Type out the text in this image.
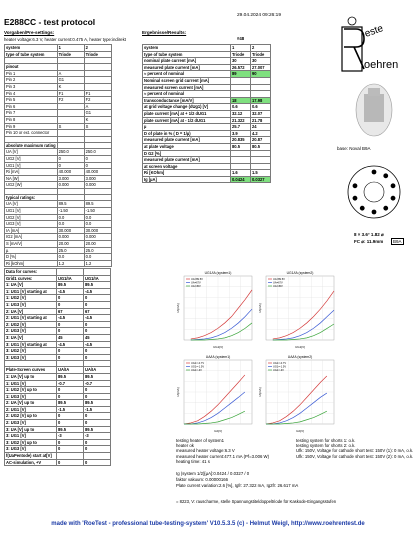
E288CC - test protocol
29.04.2024 09:26:19
Vorgaben/Pre-settings:	Ergebnisse/Results:
heater voltage:6.3 V, heater current:0.475 A, heater type:indirekt	#48
system	1	2
type of tube system	Triode	Triode

pinout		
Pin 1	A	
Pin 2	G1	
Pin 3	K	
Pin 4	F1	F1
Pin 5	F2	F2
Pin 6		A
Pin 7		G1
Pin 8		K
Pin 9	S	S
Pin 10 or ext. connector		

absolute maximum rating		
UA [V]	250.0	250.0
UG2 [V]	0	0
UG1 [V]	0	0
Ri [mA]	40.000	40.000
NA [W]	3.000	3.000
UG2 [W]	0.000	0.000

typical ratings:		
UA [V]	89.5	89.5
UG1 [V]	-1.50	-1.50
UG2 [V]	0.0	0.0
UG3 [V]	0.0	0.0
IA [mA]	30.000	30.000
IG2 [mA]	0.000	0.000
S [mA/V]	20.00	20.00
µ	25.0	25.0
D [%]	0.0	0.0
Ri [kOhm]	1.2	1.2
Data for curves:		
Grid1 curves:	UG1/IA	UG1/IA
1: UA [V]	89.5	89.5
1: UG1 [V] starting at	-4.5	-4.5
1: UG2 [V]	0	0
1: UG3 [V]	0	0
2: UA [V]	67	67
2: UG1 [V] starting at	-4.5	-4.5
2: UG2 [V]	0	0
2: UG3 [V]	0	0
3: UA [V]	45	45
3: UG1 [V] starting at	-4.5	-4.5
3: UG2 [V]	0	0
3: UG3 [V]	0	0

Plate-Screen curves	UA/IA	UA/IA
1: UA [V] up to	89.5	89.5
1: UG1 [V]	-0.7	-0.7
1: UG2 [V] up to	0	0
1: UG3 [V]	0	0
2: UA [V] up to	89.5	89.5
2: UG1 [V]	-1.5	-1.5
2: UG2 [V] up to	0	0
2: UG3 [V]	0	0
3: UA [V] up to	89.5	89.5
3: UG1 [V]	-3	-3
3: UG2 [V] up to	0	0
3: UG3 [V]	0	0
f(UaPentode) start at[V]		
AC-simulation, +V	0	0
system	1	2
type of tube system	Triode	Triode
nominal plate current [mA]	30	30
measured plate current [mA]	26.572	27.007
≈ percent of nominal	89	90
Nominal screen grid current [mA]		
measured screen current [mA]		
≈ percent of nominal		
transconductance [mA/V]	18	17.98
at grid voltage change (dUg1) [V]	0.6	0.6
plate current [mA] at + 1/2 dUG1	32.12	32.07
plate current [mA] at - 1/2 dUG1	21.322	21.78
µ	25.7	24
D of plate in % ( D = 1/µ)	3.9	4.2
measured plate current [mA]	20.835	20.87
at plate voltage	80.5	80.5
D G2 [%]		
measured plate current [mA]		
at screen voltage		
Ri [KOhm]	1.6	1.5
Ig [µA]	0.0424	0.0327
este
oehren
base: Noval B9A
8 × 3.6° 1.82 ⌀
FC ⌀: 11.9mm	B9A
UG1/IA (system1)
UG1[V]
IA[mA]
UA=89.5V
UA=67V
UA=45V
UG1/IA (system2)
UG1[V]
IA[mA]
UA=89.5V
UA=67V
UA=45V
UA/IA (system1)
UA[V]
IA[mA]
UG1=-0.7V
UG1=-1.5V
UG1=-3V
UA/IA (system2)
UA[V]
IA[mA]
UG1=-0.7V
UG1=-1.5V
UG1=-3V
testing heater of system1
heater ok
measured heater voltage:6.3 V
measured heater current:477.1 mA (Pf=3.006 W)
heating time: 41 s
testing system for shorts 1: o.k.
testing system for shorts 2: o.k.
Ufk: 150V, Voltage for cathode short test: 150V (1): 0 mA, o.k.
Ufk: 150V, Voltage for cathode short test: 150V (2): 0 mA, o.k.
Ig (system 1/2)[µA]:0.0424 / 0.0327 / 0
faktor vakuum: 0.00000166
Plate current variation:2.6 [%], Igfr: 27.322 mA, Ig2fr: 26.617 mA
= 8223, V: rauscharme, stelle Spannungstiteldoppeltriode für Kaskode-Eingangsstufen
made with 'RoeTest - professional tube-testing-system' V10.5.3.5 (c) - Helmut Weigl, http://www.roehrentest.de
